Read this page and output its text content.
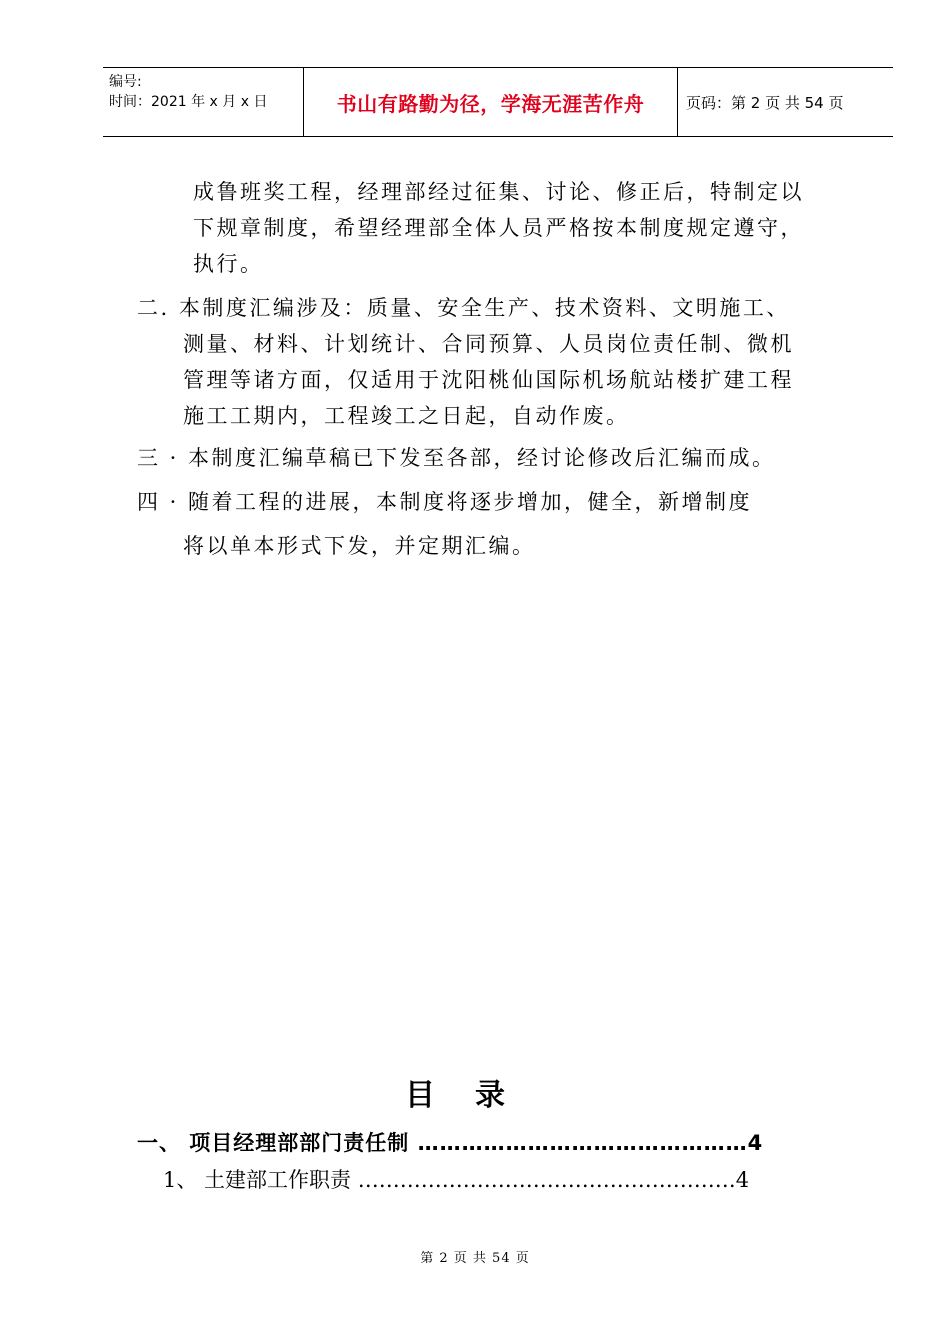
编号:
时间：2021 年 x 月 x 日	书山有路勤为径，学海无涯苦作舟	页码：第 2 页 共 54 页
成鲁班奖工程，经理部经过征集、讨论、修正后，特制定以
下规章制度，希望经理部全体人员严格按本制度规定遵守，
执行。
二. 本制度汇编涉及：质量、安全生产、技术资料、文明施工、
测量、材料、计划统计、合同预算、人员岗位责任制、微机
管理等诸方面，仅适用于沈阳桃仙国际机场航站楼扩建工程
施工工期内，工程竣工之日起，自动作废。
三 · 本制度汇编草稿已下发至各部，经讨论修改后汇编而成。
四 · 随着工程的进展，本制度将逐步增加，健全，新增制度
将以单本形式下发，并定期汇编。
目录
一、 项目经理部部门责任制 ………………………………………4
1、 土建部工作职责 ………………………………………………4
第 2 页 共 54 页
